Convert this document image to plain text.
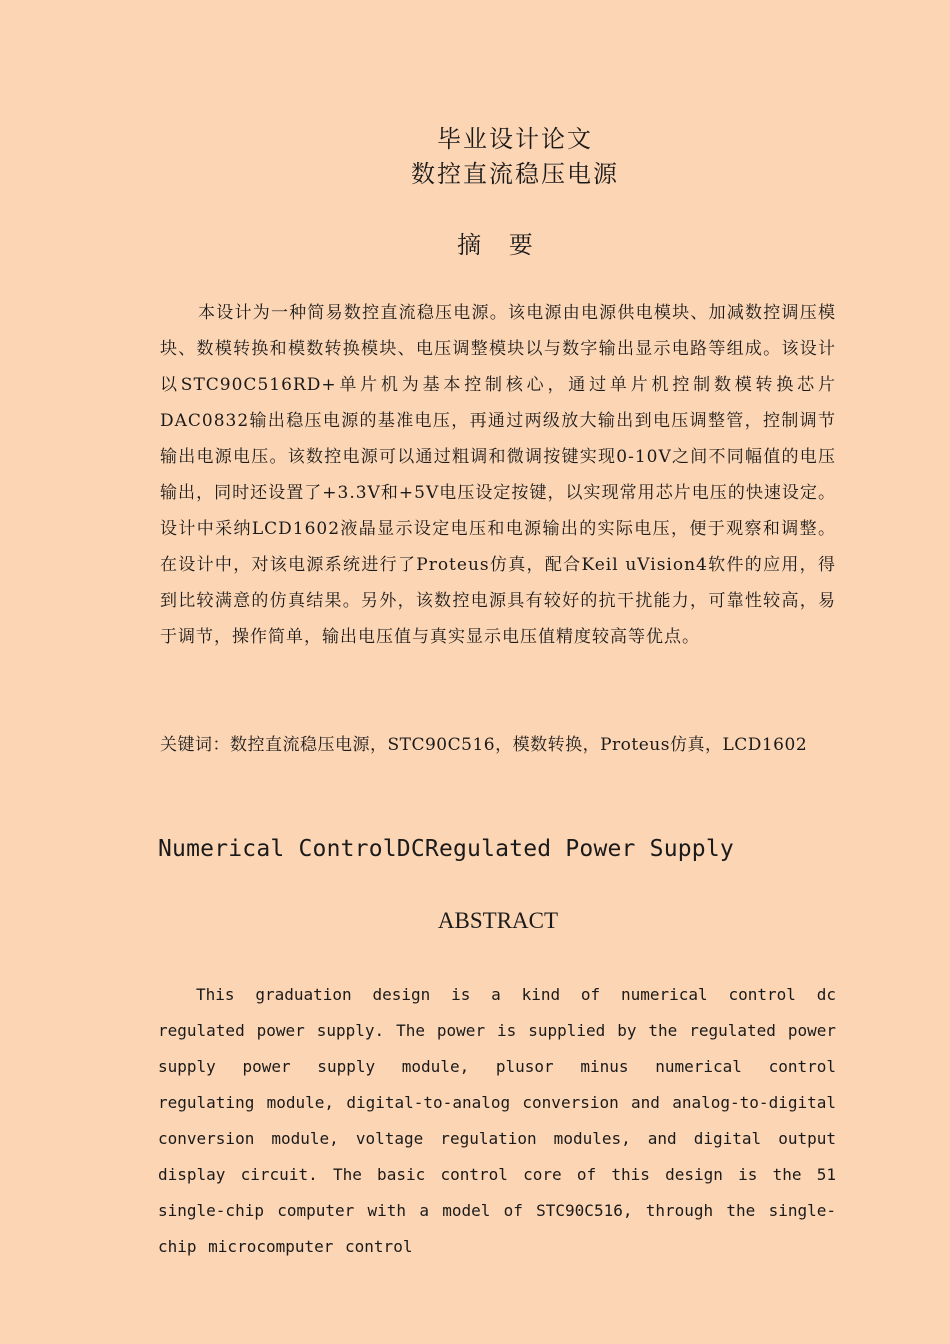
毕业设计论文
数控直流稳压电源
摘 要
本设计为一种简易数控直流稳压电源。该电源由电源供电模块、加减数控调压模块、数模转换和模数转换模块、电压调整模块以与数字输出显示电路等组成。该设计以STC90C516RD+单片机为基本控制核心，通过单片机控制数模转换芯片DAC0832输出稳压电源的基准电压，再通过两级放大输出到电压调整管，控制调节输出电源电压。该数控电源可以通过粗调和微调按键实现0-10V之间不同幅值的电压输出，同时还设置了+3.3V和+5V电压设定按键，以实现常用芯片电压的快速设定。设计中采纳LCD1602液晶显示设定电压和电源输出的实际电压，便于观察和调整。在设计中，对该电源系统进行了Proteus仿真，配合Keil uVision4软件的应用，得到比较满意的仿真结果。另外，该数控电源具有较好的抗干扰能力，可靠性较高，易于调节，操作简单，输出电压值与真实显示电压值精度较高等优点。
关键词：数控直流稳压电源，STC90C516，模数转换，Proteus仿真，LCD1602
Numerical ControlDCRegulated Power Supply
ABSTRACT
This graduation design is a kind of numerical control dc regulated power supply. The power is supplied by the regulated power supply power supply module, plusor minus numerical control regulating module, digital-to-analog conversion and analog-to-digital conversion module, voltage regulation modules, and digital output display circuit. The basic control core of this design is the 51 single-chip computer with a model of STC90C516, through the single-chip microcomputer control
